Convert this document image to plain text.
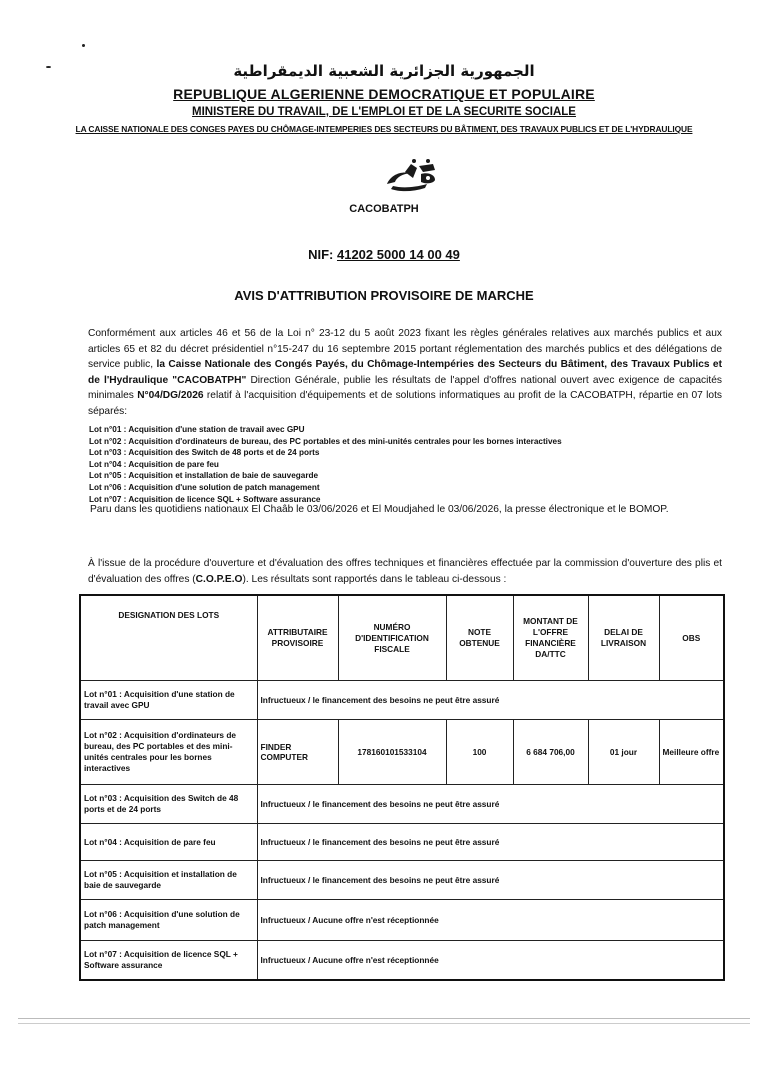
الجمهورية الجزائرية الشعبية الديمقراطية
REPUBLIQUE ALGERIENNE DEMOCRATIQUE ET POPULAIRE
MINISTERE DU TRAVAIL, DE L'EMPLOI ET DE LA SECURITE SOCIALE
LA CAISSE NATIONALE DES CONGES PAYES DU CHÔMAGE-INTEMPERIES DES SECTEURS DU BÂTIMENT, DES TRAVAUX PUBLICS ET DE L'HYDRAULIQUE
CACOBATPH
NIF: 41202 5000 14 00 49
AVIS D'ATTRIBUTION PROVISOIRE DE MARCHE
Conformément aux articles 46 et 56 de la Loi n° 23-12 du 5 août 2023 fixant les règles générales relatives aux marchés publics et aux articles 65 et 82 du décret présidentiel n°15-247 du 16 septembre 2015 portant réglementation des marchés publics et des délégations de service public, la Caisse Nationale des Congés Payés, du Chômage-Intempéries des Secteurs du Bâtiment, des Travaux Publics et de l'Hydraulique "CACOBATPH" Direction Générale, publie les résultats de l'appel d'offres national ouvert avec exigence de capacités minimales N°04/DG/2026 relatif à l'acquisition d'équipements et de solutions informatiques au profit de la CACOBATPH, répartie en 07 lots séparés:
Lot n°01 : Acquisition d'une station de travail avec GPU
Lot n°02 : Acquisition d'ordinateurs de bureau, des PC portables et des mini-unités centrales pour les bornes interactives
Lot n°03 : Acquisition des Switch de 48 ports et de 24 ports
Lot n°04 : Acquisition de pare feu
Lot n°05 : Acquisition et installation de baie de sauvegarde
Lot n°06 : Acquisition d'une solution de patch management
Lot n°07 : Acquisition de licence SQL + Software assurance
Paru dans les quotidiens nationaux El Chaâb le 03/06/2026 et El Moudjahed le 03/06/2026, la presse électronique et le BOMOP.
À l'issue de la procédure d'ouverture et d'évaluation des offres techniques et financières effectuée par la commission d'ouverture des plis et d'évaluation des offres (C.O.P.E.O). Les résultats sont rapportés dans le tableau ci-dessous :
DESIGNATION DES LOTS	ATTRIBUTAIRE PROVISOIRE	NUMÉRO D'IDENTIFICATION FISCALE	NOTE OBTENUE	MONTANT DE L'OFFRE FINANCIÈRE DA/TTC	DELAI DE LIVRAISON	OBS
Lot n°01 : Acquisition d'une station de travail avec GPU	Infructueux / le financement des besoins ne peut être assuré					
Lot n°02 : Acquisition d'ordinateurs de bureau, des PC portables et des mini-unités centrales pour les bornes interactives	FINDER COMPUTER	178160101533104	100	6 684 706,00	01 jour	Meilleure offre
Lot n°03 : Acquisition des Switch de 48 ports et de 24 ports	Infructueux / le financement des besoins ne peut être assuré					
Lot n°04 : Acquisition de pare feu	Infructueux / le financement des besoins ne peut être assuré					
Lot n°05 : Acquisition et installation de baie de sauvegarde	Infructueux / le financement des besoins ne peut être assuré					
Lot n°06 : Acquisition d'une solution de patch management	Infructueux / Aucune offre n'est réceptionnée					
Lot n°07 : Acquisition de licence SQL + Software assurance	Infructueux / Aucune offre n'est réceptionnée					
